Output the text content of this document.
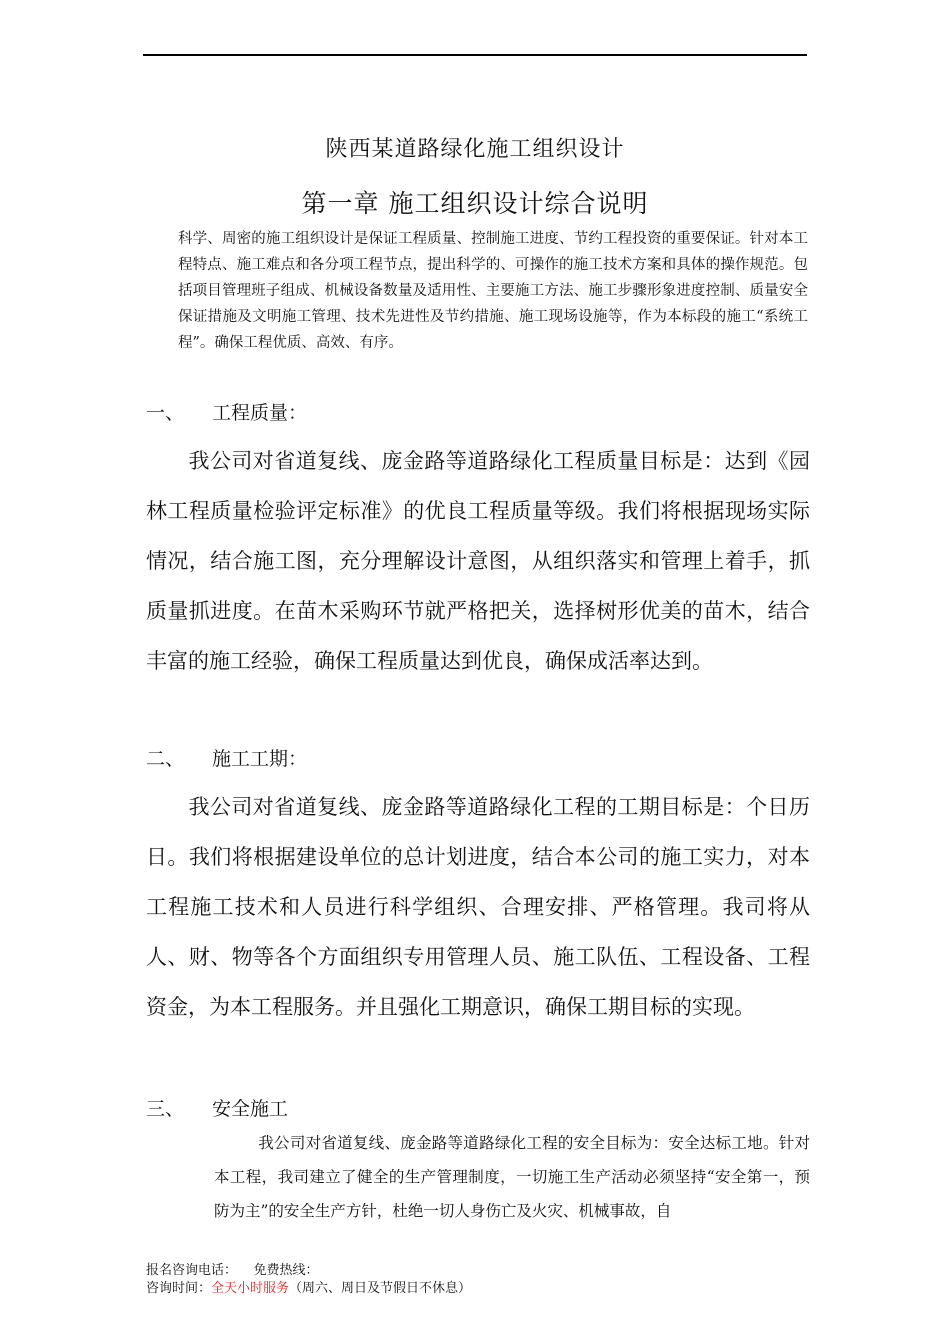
陕西某道路绿化施工组织设计
第一章 施工组织设计综合说明
科学、周密的施工组织设计是保证工程质量、控制施工进度、节约工程投资的重要保证。针对本工程特点、施工难点和各分项工程节点，提出科学的、可操作的施工技术方案和具体的操作规范。包括项目管理班子组成、机械设备数量及适用性、主要施工方法、施工步骤形象进度控制、质量安全保证措施及文明施工管理、技术先进性及节约措施、施工现场设施等，作为本标段的施工“系统工程”。确保工程优质、高效、有序。
一、 工程质量：
我公司对省道复线、庞金路等道路绿化工程质量目标是：达到《园林工程质量检验评定标准》的优良工程质量等级。我们将根据现场实际情况，结合施工图，充分理解设计意图，从组织落实和管理上着手，抓质量抓进度。在苗木采购环节就严格把关，选择树形优美的苗木，结合丰富的施工经验，确保工程质量达到优良，确保成活率达到。
二、 施工工期：
我公司对省道复线、庞金路等道路绿化工程的工期目标是：个日历日。我们将根据建设单位的总计划进度，结合本公司的施工实力，对本工程施工技术和人员进行科学组织、合理安排、严格管理。我司将从人、财、物等各个方面组织专用管理人员、施工队伍、工程设备、工程资金，为本工程服务。并且强化工期意识，确保工期目标的实现。
三、 安全施工
我公司对省道复线、庞金路等道路绿化工程的安全目标为：安全达标工地。针对本工程，我司建立了健全的生产管理制度，一切施工生产活动必须坚持“安全第一，预防为主”的安全生产方针，杜绝一切人身伤亡及火灾、机械事故，自
报名咨询电话：    免费热线：
咨询时间：全天小时服务（周六、周日及节假日不休息）
